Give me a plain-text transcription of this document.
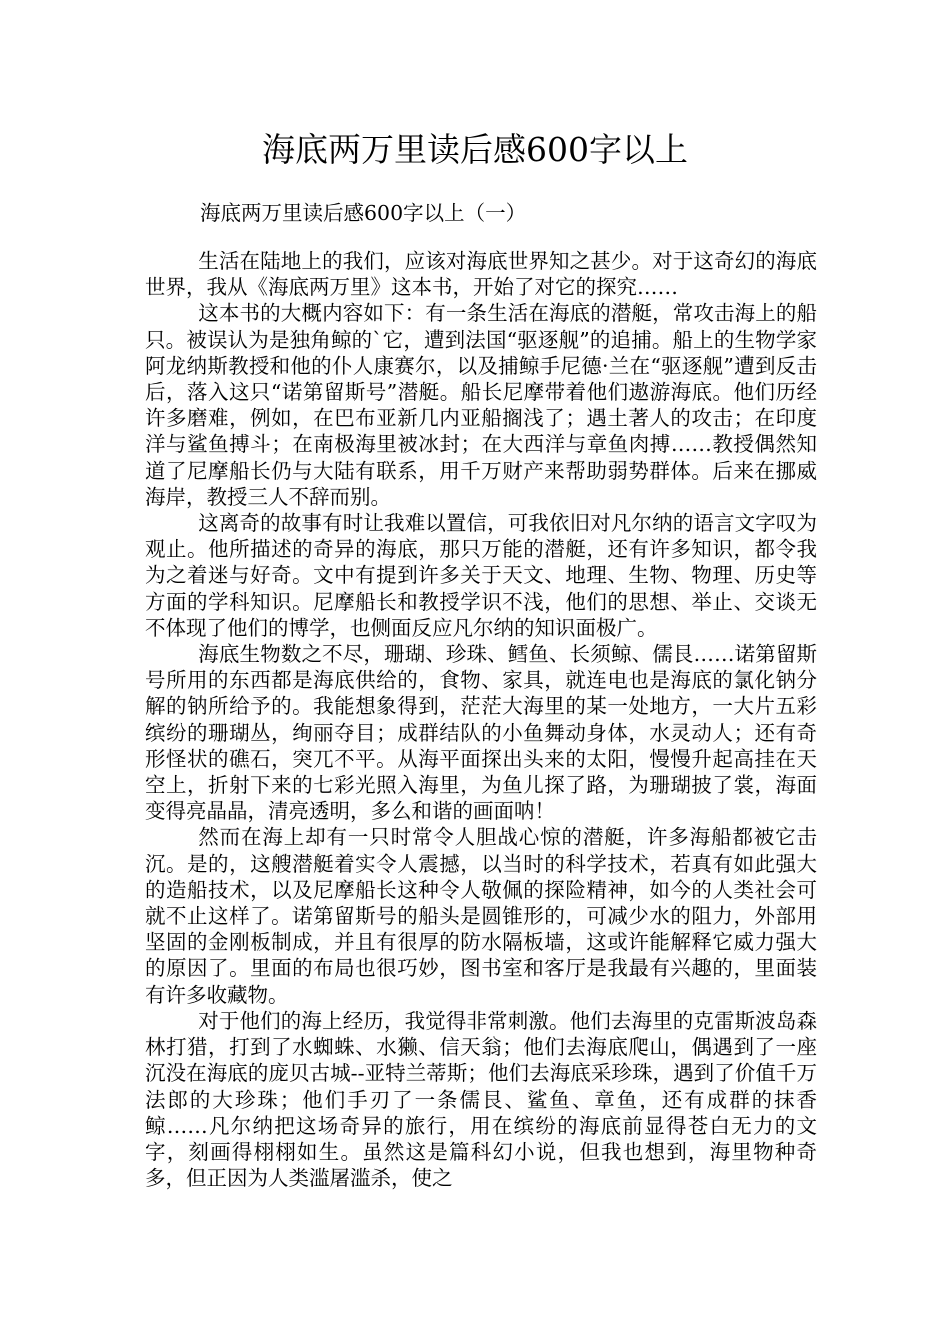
海底两万里读后感600字以上
海底两万里读后感600字以上（一）

生活在陆地上的我们，应该对海底世界知之甚少。对于这奇幻的海底世界，我从《海底两万里》这本书，开始了对它的探究……

这本书的大概内容如下：有一条生活在海底的潜艇，常攻击海上的船只。被误认为是独角鲸的`它，遭到法国“驱逐舰”的追捕。船上的生物学家阿龙纳斯教授和他的仆人康赛尔，以及捕鲸手尼德·兰在“驱逐舰”遭到反击后，落入这只“诺第留斯号”潜艇。船长尼摩带着他们遨游海底。他们历经许多磨难，例如，在巴布亚新几内亚船搁浅了；遇土著人的攻击；在印度洋与鲨鱼搏斗；在南极海里被冰封；在大西洋与章鱼肉搏……教授偶然知道了尼摩船长仍与大陆有联系，用千万财产来帮助弱势群体。后来在挪威海岸，教授三人不辞而别。

这离奇的故事有时让我难以置信，可我依旧对凡尔纳的语言文字叹为观止。他所描述的奇异的海底，那只万能的潜艇，还有许多知识，都令我为之着迷与好奇。文中有提到许多关于天文、地理、生物、物理、历史等方面的学科知识。尼摩船长和教授学识不浅，他们的思想、举止、交谈无不体现了他们的博学，也侧面反应凡尔纳的知识面极广。

海底生物数之不尽，珊瑚、珍珠、鳕鱼、长须鲸、儒艮……诺第留斯号所用的东西都是海底供给的，食物、家具，就连电也是海底的氯化钠分解的钠所给予的。我能想象得到，茫茫大海里的某一处地方，一大片五彩缤纷的珊瑚丛，绚丽夺目；成群结队的小鱼舞动身体，水灵动人；还有奇形怪状的礁石，突兀不平。从海平面探出头来的太阳，慢慢升起高挂在天空上，折射下来的七彩光照入海里，为鱼儿探了路，为珊瑚披了裳，海面变得亮晶晶，清亮透明，多么和谐的画面呐！

然而在海上却有一只时常令人胆战心惊的潜艇，许多海船都被它击沉。是的，这艘潜艇着实令人震撼，以当时的科学技术，若真有如此强大的造船技术，以及尼摩船长这种令人敬佩的探险精神，如今的人类社会可就不止这样了。诺第留斯号的船头是圆锥形的，可减少水的阻力，外部用坚固的金刚板制成，并且有很厚的防水隔板墙，这或许能解释它威力强大的原因了。里面的布局也很巧妙，图书室和客厅是我最有兴趣的，里面装有许多收藏物。

对于他们的海上经历，我觉得非常刺激。他们去海里的克雷斯波岛森林打猎，打到了水蜘蛛、水獭、信天翁；他们去海底爬山，偶遇到了一座沉没在海底的庞贝古城--亚特兰蒂斯；他们去海底采珍珠，遇到了价值千万法郎的大珍珠；他们手刃了一条儒艮、鲨鱼、章鱼，还有成群的抹香鲸……凡尔纳把这场奇异的旅行，用在缤纷的海底前显得苍白无力的文字，刻画得栩栩如生。虽然这是篇科幻小说，但我也想到，海里物种奇多，但正因为人类滥屠滥杀，使之
